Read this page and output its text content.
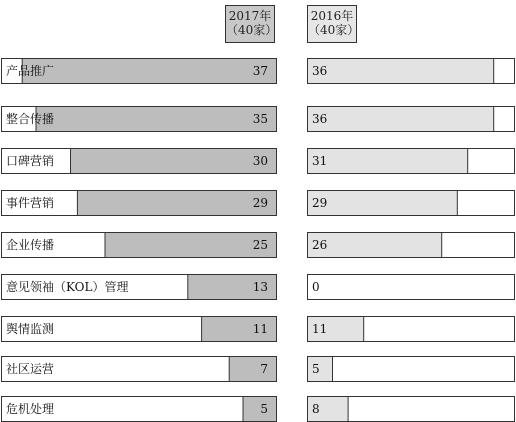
2017年
（40家）
2016年
（40家）
产品推广	37	36
整合传播	35	36
口碑营销	30	31
事件营销	29	29
企业传播	25	26
意见领袖（KOL）管理	13	0
舆情监测	11	11
社区运营	7	5
危机处理	5	8
